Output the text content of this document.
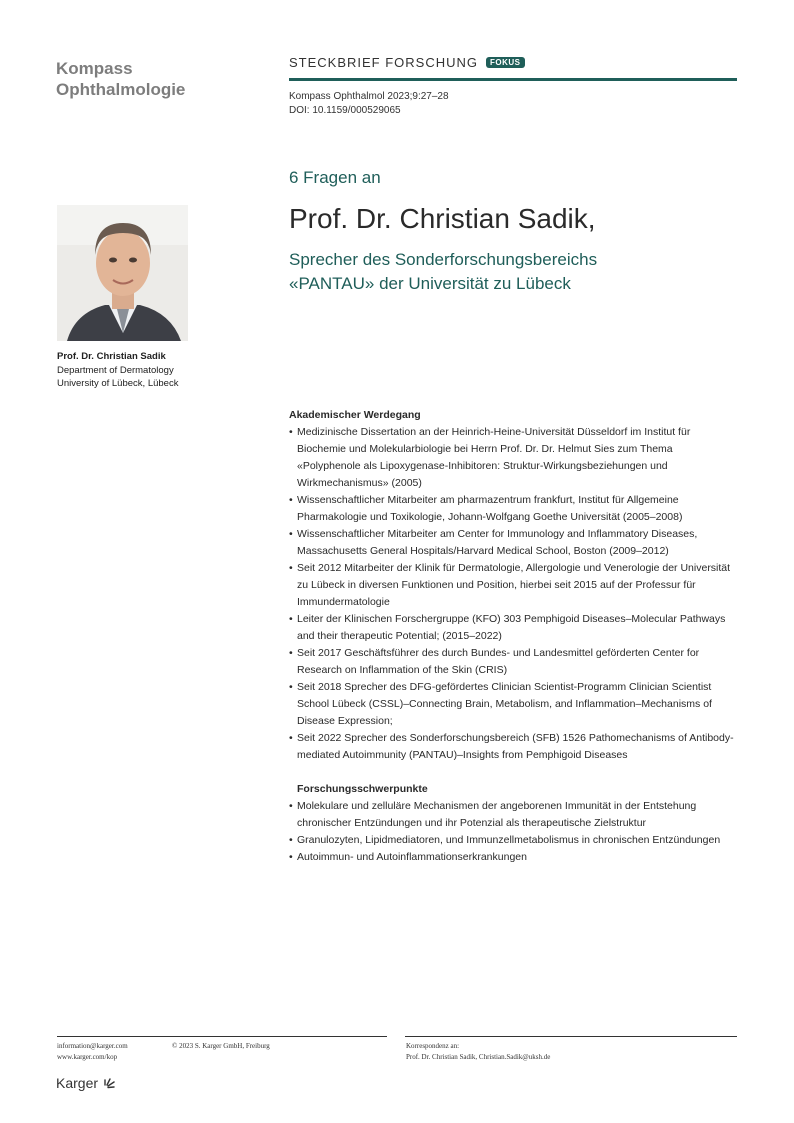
Kompass
Ophthalmologie
STECKBRIEF FORSCHUNG FOKUS
Kompass Ophthalmol 2023;9:27–28
DOI: 10.1159/000529065
6 Fragen an
Prof. Dr. Christian Sadik,
Sprecher des Sonderforschungsbereichs
«PANTAU» der Universität zu Lübeck
Prof. Dr. Christian Sadik
Department of Dermatology
University of Lübeck, Lübeck
Akademischer Werdegang
• Medizinische Dissertation an der Heinrich-Heine-Universität Düsseldorf im Institut für Biochemie und Molekularbiologie bei Herrn Prof. Dr. Dr. Helmut Sies zum Thema «Polyphenole als Lipoxygenase-Inhibitoren: Struktur-Wirkungsbeziehungen und Wirkmechanismus» (2005)
• Wissenschaftlicher Mitarbeiter am pharmazentrum frankfurt, Institut für Allgemeine Pharmakologie und Toxikologie, Johann-Wolfgang Goethe Universität (2005–2008)
• Wissenschaftlicher Mitarbeiter am Center for Immunology and Inflammatory Diseases, Massachusetts General Hospitals/Harvard Medical School, Boston (2009–2012)
• Seit 2012 Mitarbeiter der Klinik für Dermatologie, Allergologie und Venerologie der Universität zu Lübeck in diversen Funktionen und Position, hierbei seit 2015 auf der Professur für Immundermatologie
• Leiter der Klinischen Forschergruppe (KFO) 303 Pemphigoid Diseases–Molecular Pathways and their therapeutic Potential; (2015–2022)
• Seit 2017 Geschäftsführer des durch Bundes- und Landesmittel geförderten Center for Research on Inflammation of the Skin (CRIS)
• Seit 2018 Sprecher des DFG-gefördertes Clinician Scientist-Programm Clinician Scientist School Lübeck (CSSL)–Connecting Brain, Metabolism, and Inflammation–Mechanisms of Disease Expression;
• Seit 2022 Sprecher des Sonderforschungsbereich (SFB) 1526 Pathomechanisms of Antibody-mediated Autoimmunity (PANTAU)–Insights from Pemphigoid Diseases
Forschungsschwerpunkte
• Molekulare und zelluläre Mechanismen der angeborenen Immunität in der Entstehung chronischer Entzündungen und ihr Potenzial als therapeutische Zielstruktur
• Granulozyten, Lipidmediatoren, und Immunzellmetabolismus in chronischen Entzündungen
• Autoimmun- und Autoinflammationserkrankungen
information@karger.com
www.karger.com/kop
© 2023 S. Karger GmbH, Freiburg	Korrespondenz an:
Prof. Dr. Christian Sadik, Christian.Sadik@uksh.de
Karger
